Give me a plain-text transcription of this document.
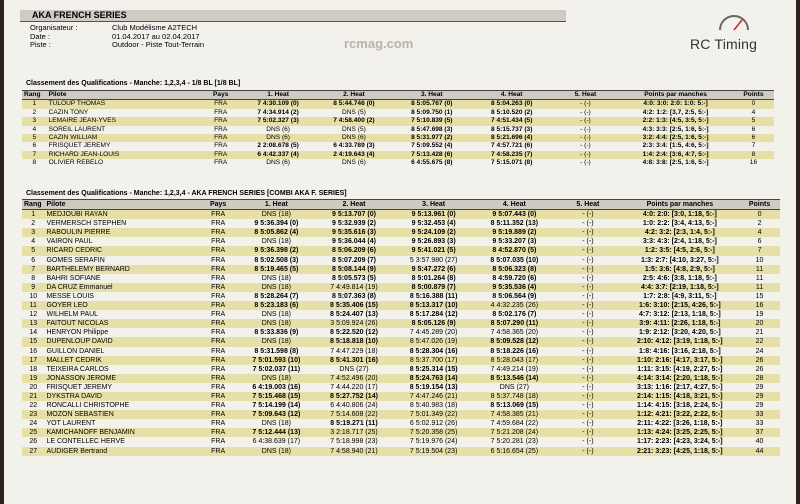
AKA FRENCH SERIES
Organisateur :	Club Modélisme A2TECH
Date :	01.04.2017 au 02.04.2017
Piste :	Outdoor - Piste Tout-Terrain	rcmag.com	RC Timing
Classement des Qualifications - Manche: 1,2,3,4 - 1/8 BL [1/8 BL]
Rang	Pilote	Pays	1. Heat	2. Heat	3. Heat	4. Heat	5. Heat	Points par manches	Points
1	TULOUP THOMAS	FRA	7 4:30.109 (0)	8 5:44.746 (0)	8 5:05.767 (0)	8 5:04.263 (0)	- (-)	4:0: 3:0: 2:0: 1:0: 5:-]	0
2	CAZIN TONY	FRA	7 4:34.914 (2)	DNS (5)	8 5:09.750 (1)	8 5:10.520 (2)	- (-)	4:2: 1:2: [3,7, 2:5, 5:-]	4
3	LEMAIRE JEAN-YVES	FRA	7 5:02.327 (3)	7 4:58.400 (2)	7 5:10.839 (5)	7 4:51.434 (5)	- (-)	2:2: 1:3: [4:5, 3:5, 5:-]	5
4	SOREIL LAURENT	FRA	DNS (6)	DNS (5)	8 5:47.698 (3)	8 5:15.737 (3)	- (-)	4:3: 3:3: [2:5, 1:6, 5:-]	6
5	CAZIN WILLIAM	FRA	DNS (6)	DNS (6)	8 5:31.977 (2)	8 5:21.696 (4)	- (-)	3:2: 4:4: [2:5, 1:6, 5:-]	6
6	FRISQUET JEREMY	FRA	2 2:08.678 (5)	6 4:33.789 (3)	7 5:09.552 (4)	7 4:57.721 (6)	- (-)	2:3: 3:4: [1:5, 4:6, 5:-]	7
7	RICHARD JEAN-LOUIS	FRA	6 4:42.337 (4)	2 4:19.643 (4)	7 5:13.428 (6)	7 4:58.235 (7)	- (-)	1:4: 2:4: [3:6, 4:7, 5:-]	8
8	OLIVIER REBELO	FRA	DNS (6)	DNS (6)	6 4:55.675 (8)	7 5:15.071 (8)	- (-)	4:8: 3:8: [2:5, 1:6, 5:-]	16
Classement des Qualifications - Manche: 1,2,3,4 - AKA FRENCH SERIES [COMBI AKA F. SERIES]
Rang	Pilote	Pays	1. Heat	2. Heat	3. Heat	4. Heat	5. Heat	Points par manches	Points
1	MEDJOUBI RAYAN	FRA	DNS (18)	9 5:13.707 (0)	9 5:13.961 (0)	9 5:07.443 (0)	- (-)	4:0: 2:0: [3:0, 1:18, 5:-]	0
2	VERMERSCH STEPHEN	FRA	9 5:36.394 (0)	9 5:32.939 (2)	9 5:32.453 (4)	8 5:11.352 (13)	- (-)	1:0: 2:2: [3:4, 4:13, 5:-]	2
3	RABOULIN PIERRE	FRA	8 5:05.862 (4)	9 5:35.616 (3)	9 5:24.109 (2)	9 5:19.889 (2)	- (-)	4:2: 3:2: [2:3, 1:4, 5:-]	4
4	VAIRON PAUL	FRA	DNS (18)	9 5:36.044 (4)	9 5:26.893 (3)	9 5:33.207 (3)	- (-)	3:3: 4:3: [2:4, 1:18, 5:-]	6
5	RICARD CEDRIC	FRA	9 5:36.398 (2)	8 5:06.209 (6)	9 5:41.021 (5)	8 4:52.870 (5)	- (-)	1:2: 3:5: [4:5, 2:6, 5:-]	7
6	GOMES SERAFIN	FRA	8 5:02.508 (3)	8 5:07.209 (7)	5 3:57.980 (27)	8 5:07.035 (10)	- (-)	1:3: 2:7: [4:10, 3:27, 5:-]	10
7	BARTHELEMY BERNARD	FRA	8 5:19.465 (5)	8 5:08.144 (9)	9 5:47.272 (6)	8 5:06.323 (8)	- (-)	1:5: 3:6: [4:8, 2:9, 5:-]	11
8	BAHRI SOFIANE	FRA	DNS (18)	8 5:05.573 (5)	8 5:01.264 (8)	8 4:59.720 (6)	- (-)	2:5: 4:6: [3:8, 1:18, 5:-]	11
9	DA CRUZ Emmanuel	FRA	DNS (18)	7 4:49.814 (19)	8 5:00.879 (7)	9 5:35.536 (4)	- (-)	4:4: 3:7: [2:19, 1:18, 5:-]	11
10	MESSE LOUIS	FRA	8 5:28.264 (7)	8 5:07.363 (8)	8 5:16.388 (11)	8 5:06.564 (9)	- (-)	1:7: 2:8: [4:9, 3:11, 5:-]	15
11	GOYER LEO	FRA	8 5:23.183 (6)	8 5:35.406 (15)	8 5:13.317 (10)	4 4:32.235 (26)	- (-)	1:6: 3:10: [2:15, 4:26, 5:-]	16
12	WILHELM PAUL	FRA	DNS (18)	8 5:24.407 (13)	8 5:17.284 (12)	8 5:02.176 (7)	- (-)	4:7: 3:12: [2:13, 1:18, 5:-]	19
13	FAITOUT NICOLAS	FRA	DNS (18)	3 5:09.924 (26)	8 5:05.126 (9)	8 5:07.290 (11)	- (-)	3:9: 4:11: [2:26, 1:18, 5:-]	20
14	HENRYON Philippe	FRA	8 5:33.836 (9)	8 5:22.520 (12)	7 4:45.289 (20)	7 4:58.365 (20)	- (-)	1:9: 2:12: [3:20, 4:20, 5:-]	21
15	DUPENLOUP DAVID	FRA	DNS (18)	8 5:18.818 (10)	8 5:47.026 (19)	8 5:09.528 (12)	- (-)	2:10: 4:12: [3:19, 1:18, 5:-]	22
16	GUILLON DANIEL	FRA	8 5:31.598 (8)	7 4:47.229 (18)	8 5:28.304 (16)	8 5:18.226 (16)	- (-)	1:8: 4:16: [3:16, 2:18, 5:-]	24
17	MALLET CEDRIK	FRA	7 5:01.593 (10)	8 5:41.301 (16)	8 5:37.700 (17)	8 5:28.043 (17)	- (-)	1:10: 2:16: [4:17, 3:17, 5:-]	26
18	TEIXEIRA CARLOS	FRA	7 5:02.037 (11)	DNS (27)	8 5:25.314 (15)	7 4:49.214 (19)	- (-)	1:11: 3:15: [4:19, 2:27, 5:-]	26
19	JONASSON JEROME	FRA	DNS (18)	7 4:52.496 (20)	8 5:24.763 (14)	8 5:13.546 (14)	- (-)	4:14: 3:14: [2:20, 1:18, 5:-]	28
20	FRISQUET JEREMY	FRA	6 4:19.003 (16)	7 4:44.220 (17)	8 5:19.154 (13)	DNS (27)	- (-)	3:13: 1:16: [2:17, 4:27, 5:-]	29
21	DYKSTRA DAVID	FRA	7 5:15.468 (15)	8 5:27.752 (14)	7 4:47.246 (21)	8 5:37.748 (18)	- (-)	2:14: 1:15: [4:18, 3:21, 5:-]	29
22	RONCALLI CHRISTOPHE	FRA	7 5:14.199 (14)	6 4:40.806 (24)	8 5:40.983 (18)	8 5:13.069 (15)	- (-)	1:14: 4:15: [3:18, 2:24, 5:-]	29
23	MOZON SEBASTIEN	FRA	7 5:09.643 (12)	7 5:14.608 (22)	7 5:01.349 (22)	7 4:58.385 (21)	- (-)	1:12: 4:21: [3:22, 2:22, 5:-]	33
24	YOT LAURENT	FRA	DNS (18)	8 5:19.271 (11)	6 5:02.912 (26)	7 4:59.684 (22)	- (-)	2:11: 4:22: [3:26, 1:18, 5:-]	33
25	KAMICHANOFF BENJAMIN	FRA	7 5:12.444 (13)	3 2:18.717 (25)	7 5:20.358 (25)	7 5:21.208 (24)	- (-)	1:13: 4:24: [3:25, 2:25, 5:-]	37
26	LE CONTELLEC HERVE	FRA	6 4:38.639 (17)	7 5:18.998 (23)	7 5:19.976 (24)	7 5:20.281 (23)	- (-)	1:17: 2:23: [4:23, 3:24, 5:-]	40
27	AUDIGER Bertrand	FRA	DNS (18)	7 4:58.940 (21)	7 5:19.504 (23)	6 5:16.654 (25)	- (-)	2:21: 3:23: [4:25, 1:18, 5:-]	44
